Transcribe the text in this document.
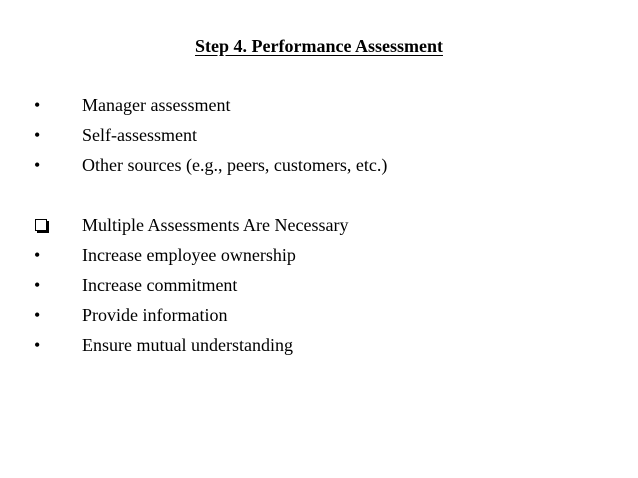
Step 4. Performance Assessment
•	Manager assessment
•	Self-assessment
•	Other sources (e.g., peers, customers, etc.)
Multiple Assessments Are Necessary
•	Increase employee ownership
•	Increase commitment
•	Provide information
•	Ensure mutual understanding
